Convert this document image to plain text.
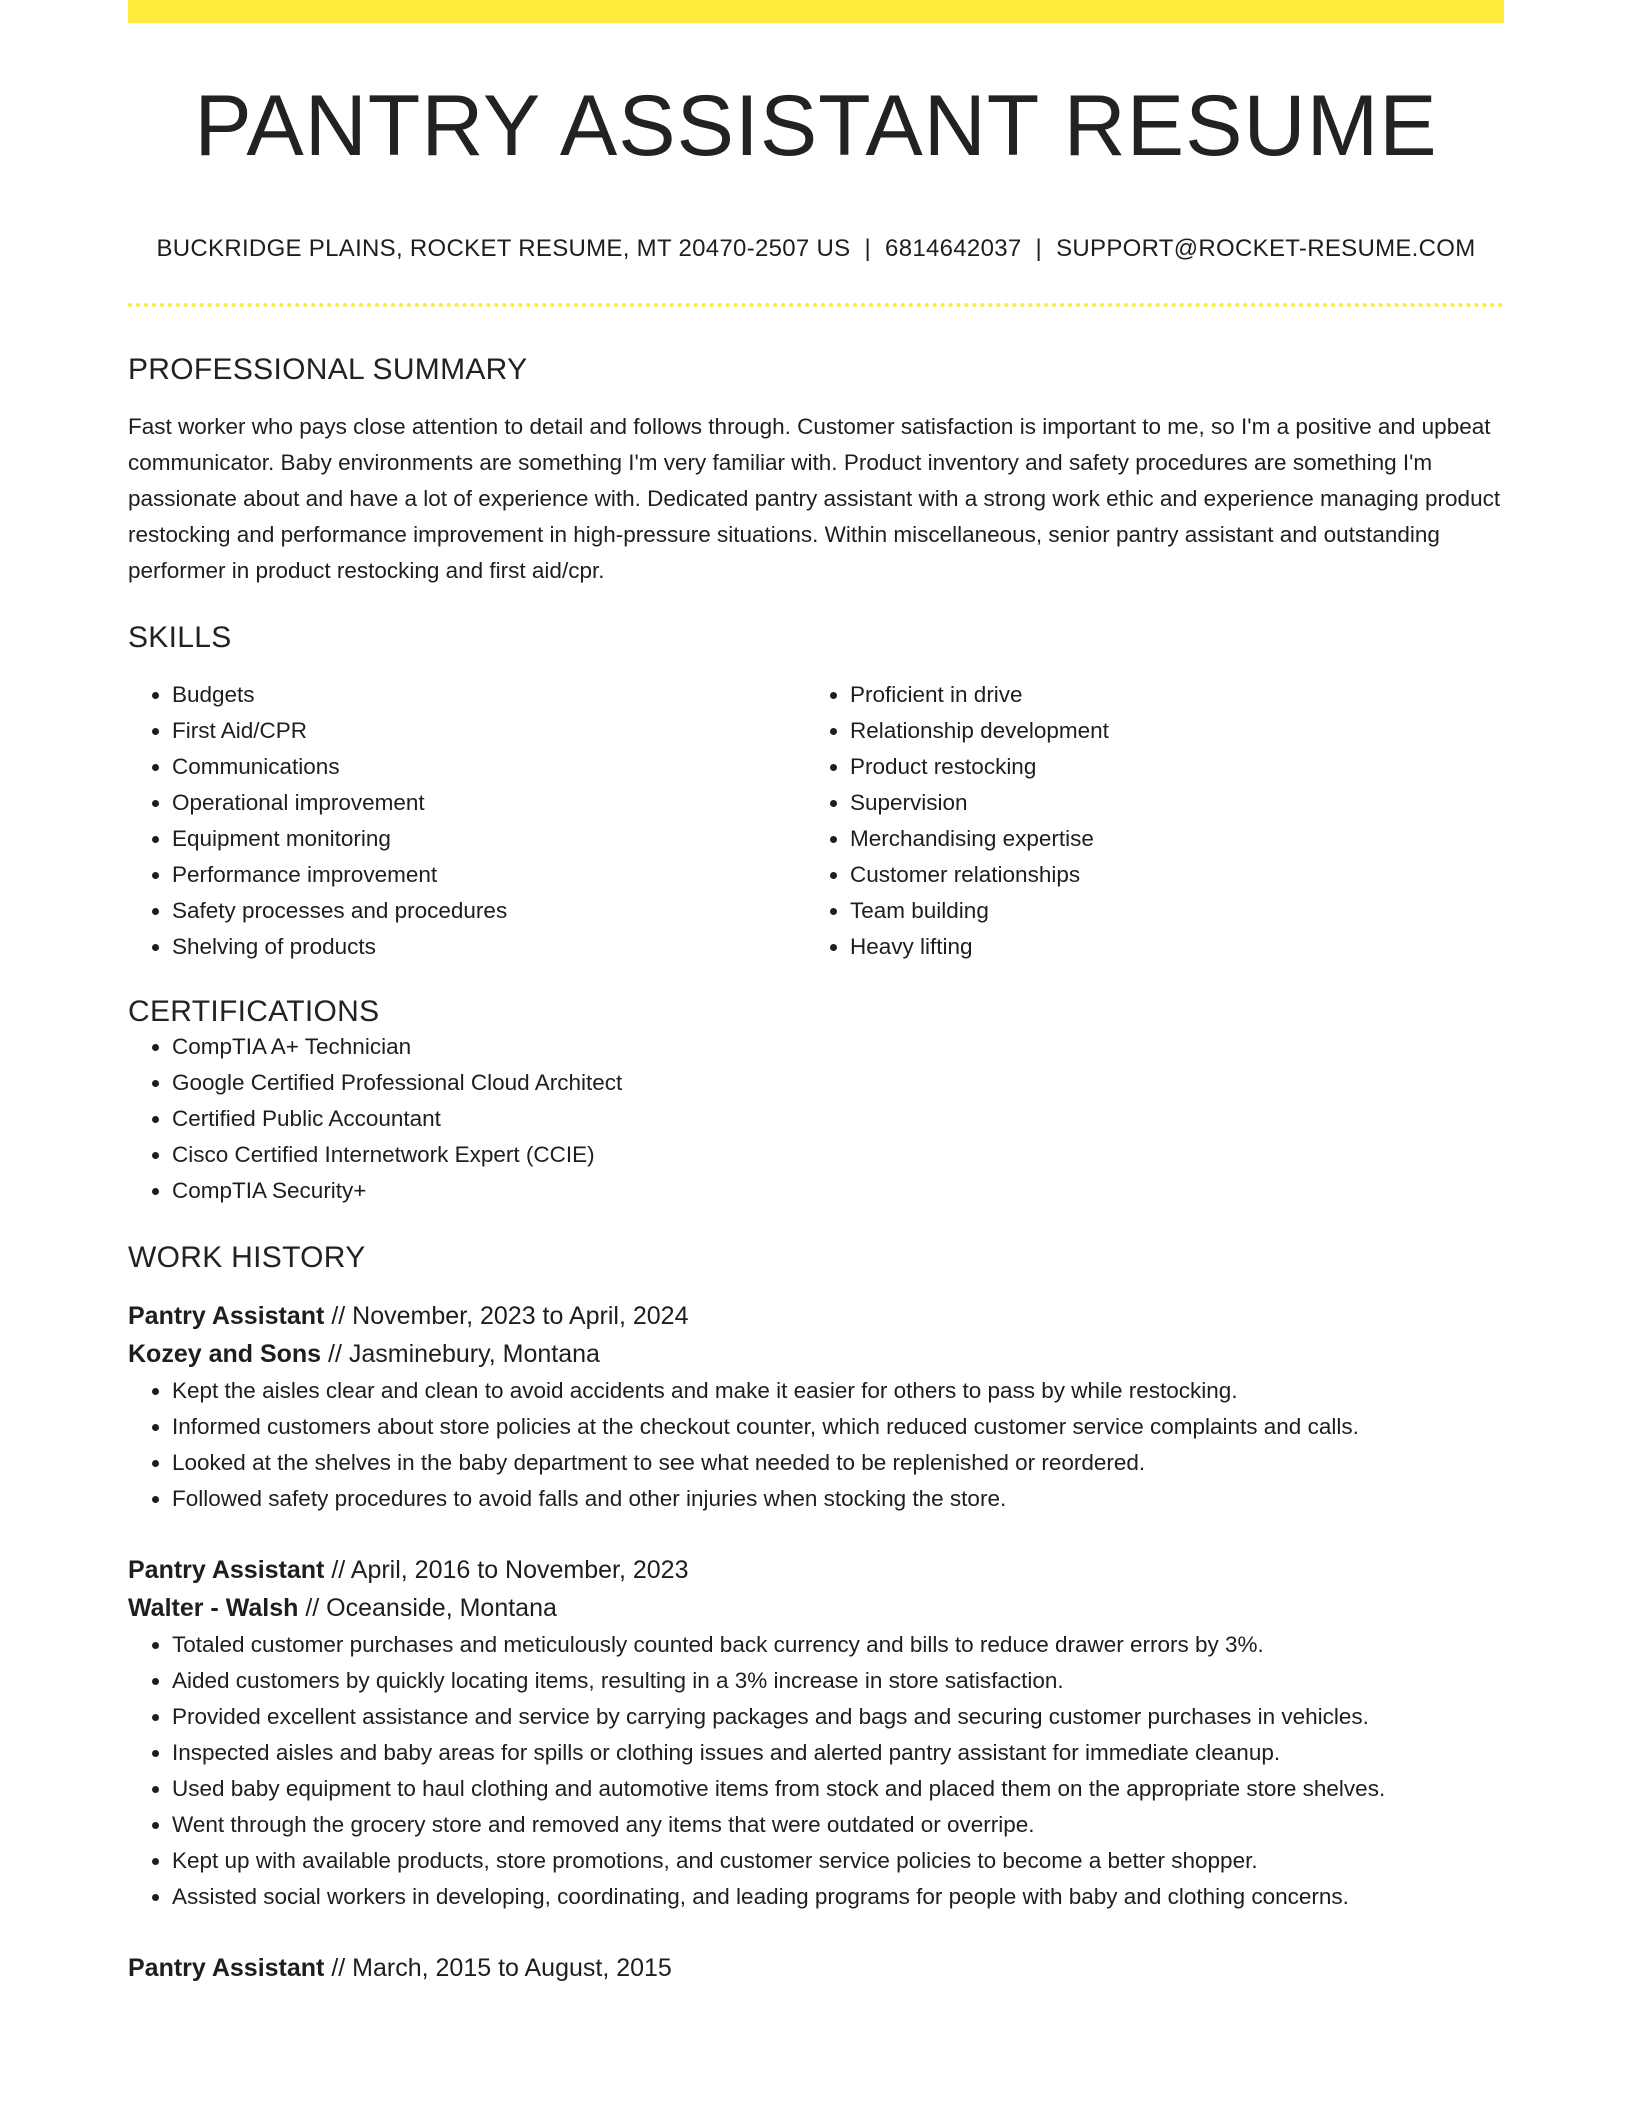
PANTRY ASSISTANT RESUME
BUCKRIDGE PLAINS, ROCKET RESUME, MT 20470-2507 US | 6814642037 | SUPPORT@ROCKET-RESUME.COM
PROFESSIONAL SUMMARY

Fast worker who pays close attention to detail and follows through. Customer satisfaction is important to me, so I'm a positive and upbeat communicator. Baby environments are something I'm very familiar with. Product inventory and safety procedures are something I'm passionate about and have a lot of experience with. Dedicated pantry assistant with a strong work ethic and experience managing product restocking and performance improvement in high-pressure situations. Within miscellaneous, senior pantry assistant and outstanding performer in product restocking and first aid/cpr.

SKILLS
• Budgets
• First Aid/CPR
• Communications
• Operational improvement
• Equipment monitoring
• Performance improvement
• Safety processes and procedures
• Shelving of products
• Proficient in drive
• Relationship development
• Product restocking
• Supervision
• Merchandising expertise
• Customer relationships
• Team building
• Heavy lifting
CERTIFICATIONS
• CompTIA A+ Technician
• Google Certified Professional Cloud Architect
• Certified Public Accountant
• Cisco Certified Internetwork Expert (CCIE)
• CompTIA Security+
WORK HISTORY
Pantry Assistant // November, 2023 to April, 2024
Kozey and Sons // Jasminebury, Montana
• Kept the aisles clear and clean to avoid accidents and make it easier for others to pass by while restocking.
• Informed customers about store policies at the checkout counter, which reduced customer service complaints and calls.
• Looked at the shelves in the baby department to see what needed to be replenished or reordered.
• Followed safety procedures to avoid falls and other injuries when stocking the store.
Pantry Assistant // April, 2016 to November, 2023
Walter - Walsh // Oceanside, Montana
• Totaled customer purchases and meticulously counted back currency and bills to reduce drawer errors by 3%.
• Aided customers by quickly locating items, resulting in a 3% increase in store satisfaction.
• Provided excellent assistance and service by carrying packages and bags and securing customer purchases in vehicles.
• Inspected aisles and baby areas for spills or clothing issues and alerted pantry assistant for immediate cleanup.
• Used baby equipment to haul clothing and automotive items from stock and placed them on the appropriate store shelves.
• Went through the grocery store and removed any items that were outdated or overripe.
• Kept up with available products, store promotions, and customer service policies to become a better shopper.
• Assisted social workers in developing, coordinating, and leading programs for people with baby and clothing concerns.
Pantry Assistant // March, 2015 to August, 2015
